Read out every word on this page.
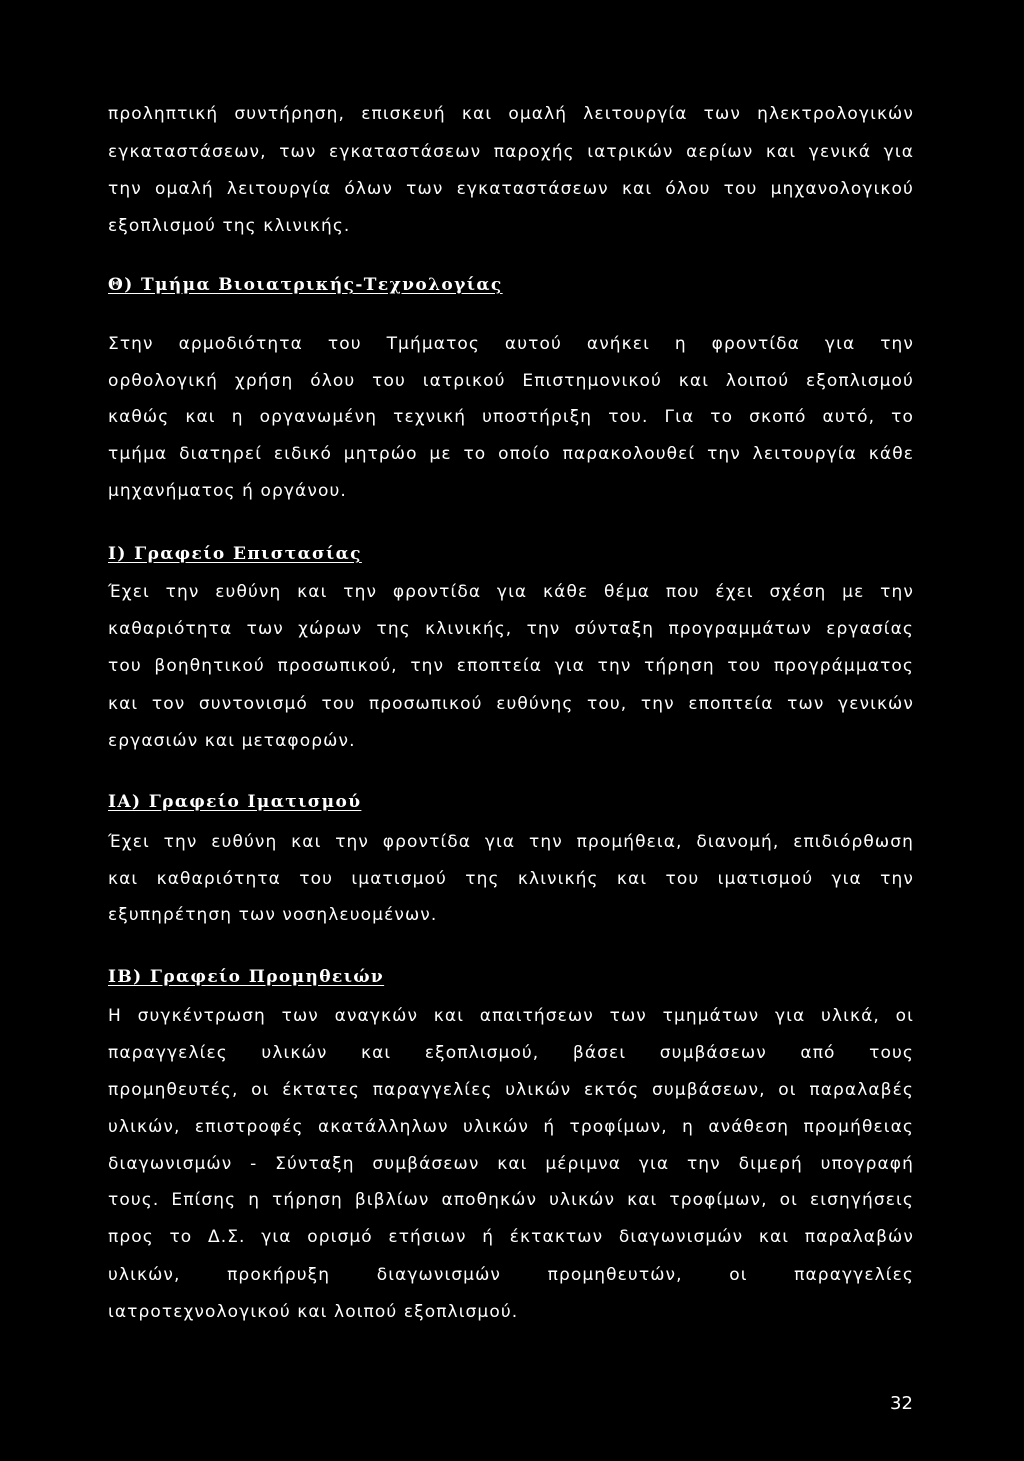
προληπτική συντήρηση, επισκευή και ομαλή λειτουργία των ηλεκτρολογικών
εγκαταστάσεων, των εγκαταστάσεων παροχής ιατρικών αερίων και γενικά για
την ομαλή λειτουργία όλων των εγκαταστάσεων και όλου του μηχανολογικού
εξοπλισμού της κλινικής.
Θ) Τμήμα Βιοιατρικής-Τεχνολογίας
Στην αρμοδιότητα του Τμήματος αυτού ανήκει η φροντίδα για την
ορθολογική χρήση όλου του ιατρικού Επιστημονικού και λοιπού εξοπλισμού
καθώς και η οργανωμένη τεχνική υποστήριξη του. Για το σκοπό αυτό, το
τμήμα διατηρεί ειδικό μητρώο με το οποίο παρακολουθεί την λειτουργία κάθε
μηχανήματος ή οργάνου.
Ι) Γραφείο Επιστασίας
Έχει την ευθύνη και την φροντίδα για κάθε θέμα που έχει σχέση με την
καθαριότητα των χώρων της κλινικής, την σύνταξη προγραμμάτων εργασίας
του βοηθητικού προσωπικού, την εποπτεία για την τήρηση του προγράμματος
και τον συντονισμό του προσωπικού ευθύνης του, την εποπτεία των γενικών
εργασιών και μεταφορών.
ΙΑ) Γραφείο Ιματισμού
Έχει την ευθύνη και την φροντίδα για την προμήθεια, διανομή, επιδιόρθωση
και καθαριότητα του ιματισμού της κλινικής και του ιματισμού για την
εξυπηρέτηση των νοσηλευομένων.
ΙΒ) Γραφείο Προμηθειών
Η συγκέντρωση των αναγκών και απαιτήσεων των τμημάτων για υλικά, οι
παραγγελίες υλικών και εξοπλισμού, βάσει συμβάσεων από τους
προμηθευτές, οι έκτατες παραγγελίες υλικών εκτός συμβάσεων, οι παραλαβές
υλικών, επιστροφές ακατάλληλων υλικών ή τροφίμων, η ανάθεση προμήθειας
διαγωνισμών - Σύνταξη συμβάσεων και μέριμνα για την διμερή υπογραφή
τους. Επίσης η τήρηση βιβλίων αποθηκών υλικών και τροφίμων, οι εισηγήσεις
προς το Δ.Σ. για ορισμό ετήσιων ή έκτακτων διαγωνισμών και παραλαβών
υλικών, προκήρυξη διαγωνισμών προμηθευτών, οι παραγγελίες
ιατροτεχνολογικού και λοιπού εξοπλισμού.
32
